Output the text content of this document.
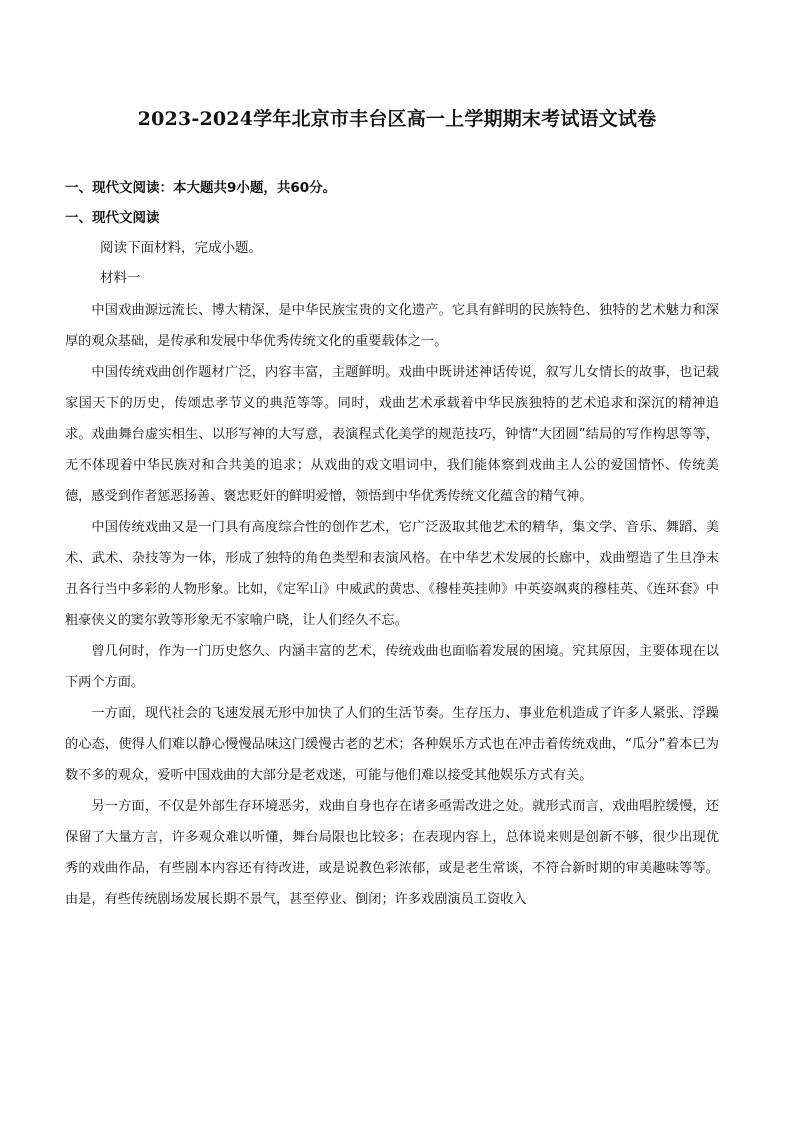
2023-2024学年北京市丰台区高一上学期期末考试语文试卷
一、现代文阅读：本大题共9小题，共60分。
一、现代文阅读
阅读下面材料，完成小题。
材料一

中国戏曲源远流长、博大精深，是中华民族宝贵的文化遗产。它具有鲜明的民族特色、独特的艺术魅力和深厚的观众基础，是传承和发展中华优秀传统文化的重要载体之一。

中国传统戏曲创作题材广泛，内容丰富，主题鲜明。戏曲中既讲述神话传说，叙写儿女情长的故事，也记载家国天下的历史，传颂忠孝节义的典范等等。同时，戏曲艺术承载着中华民族独特的艺术追求和深沉的精神追求。戏曲舞台虚实相生、以形写神的大写意，表演程式化美学的规范技巧，钟情“大团圆”结局的写作构思等等，无不体现着中华民族对和合共美的追求；从戏曲的戏文唱词中，我们能体察到戏曲主人公的爱国情怀、传统美德，感受到作者惩恶扬善、褒忠贬奸的鲜明爱憎，领悟到中华优秀传统文化蕴含的精气神。

中国传统戏曲又是一门具有高度综合性的创作艺术，它广泛汲取其他艺术的精华，集文学、音乐、舞蹈、美术、武术、杂技等为一体，形成了独特的角色类型和表演风格。在中华艺术发展的长廊中，戏曲塑造了生旦净末丑各行当中多彩的人物形象。比如，《定军山》中威武的黄忠、《穆桂英挂帅》中英姿飒爽的穆桂英、《连环套》中粗豪侠义的窦尔敦等形象无不家喻户晓，让人们经久不忘。

曾几何时，作为一门历史悠久、内涵丰富的艺术，传统戏曲也面临着发展的困境。究其原因，主要体现在以下两个方面。

一方面，现代社会的飞速发展无形中加快了人们的生活节奏。生存压力、事业危机造成了许多人紧张、浮躁的心态，使得人们难以静心慢慢品味这门缓慢古老的艺术；各种娱乐方式也在冲击着传统戏曲，“瓜分”着本已为数不多的观众，爱听中国戏曲的大部分是老戏迷，可能与他们难以接受其他娱乐方式有关。

另一方面，不仅是外部生存环境恶劣，戏曲自身也存在诸多亟需改进之处。就形式而言，戏曲唱腔缓慢，还保留了大量方言，许多观众难以听懂，舞台局限也比较多；在表现内容上，总体说来则是创新不够，很少出现优秀的戏曲作品，有些剧本内容还有待改进，或是说教色彩浓郁，或是老生常谈，不符合新时期的审美趣味等等。由是，有些传统剧场发展长期不景气，甚至停业、倒闭；许多戏剧演员工资收入
